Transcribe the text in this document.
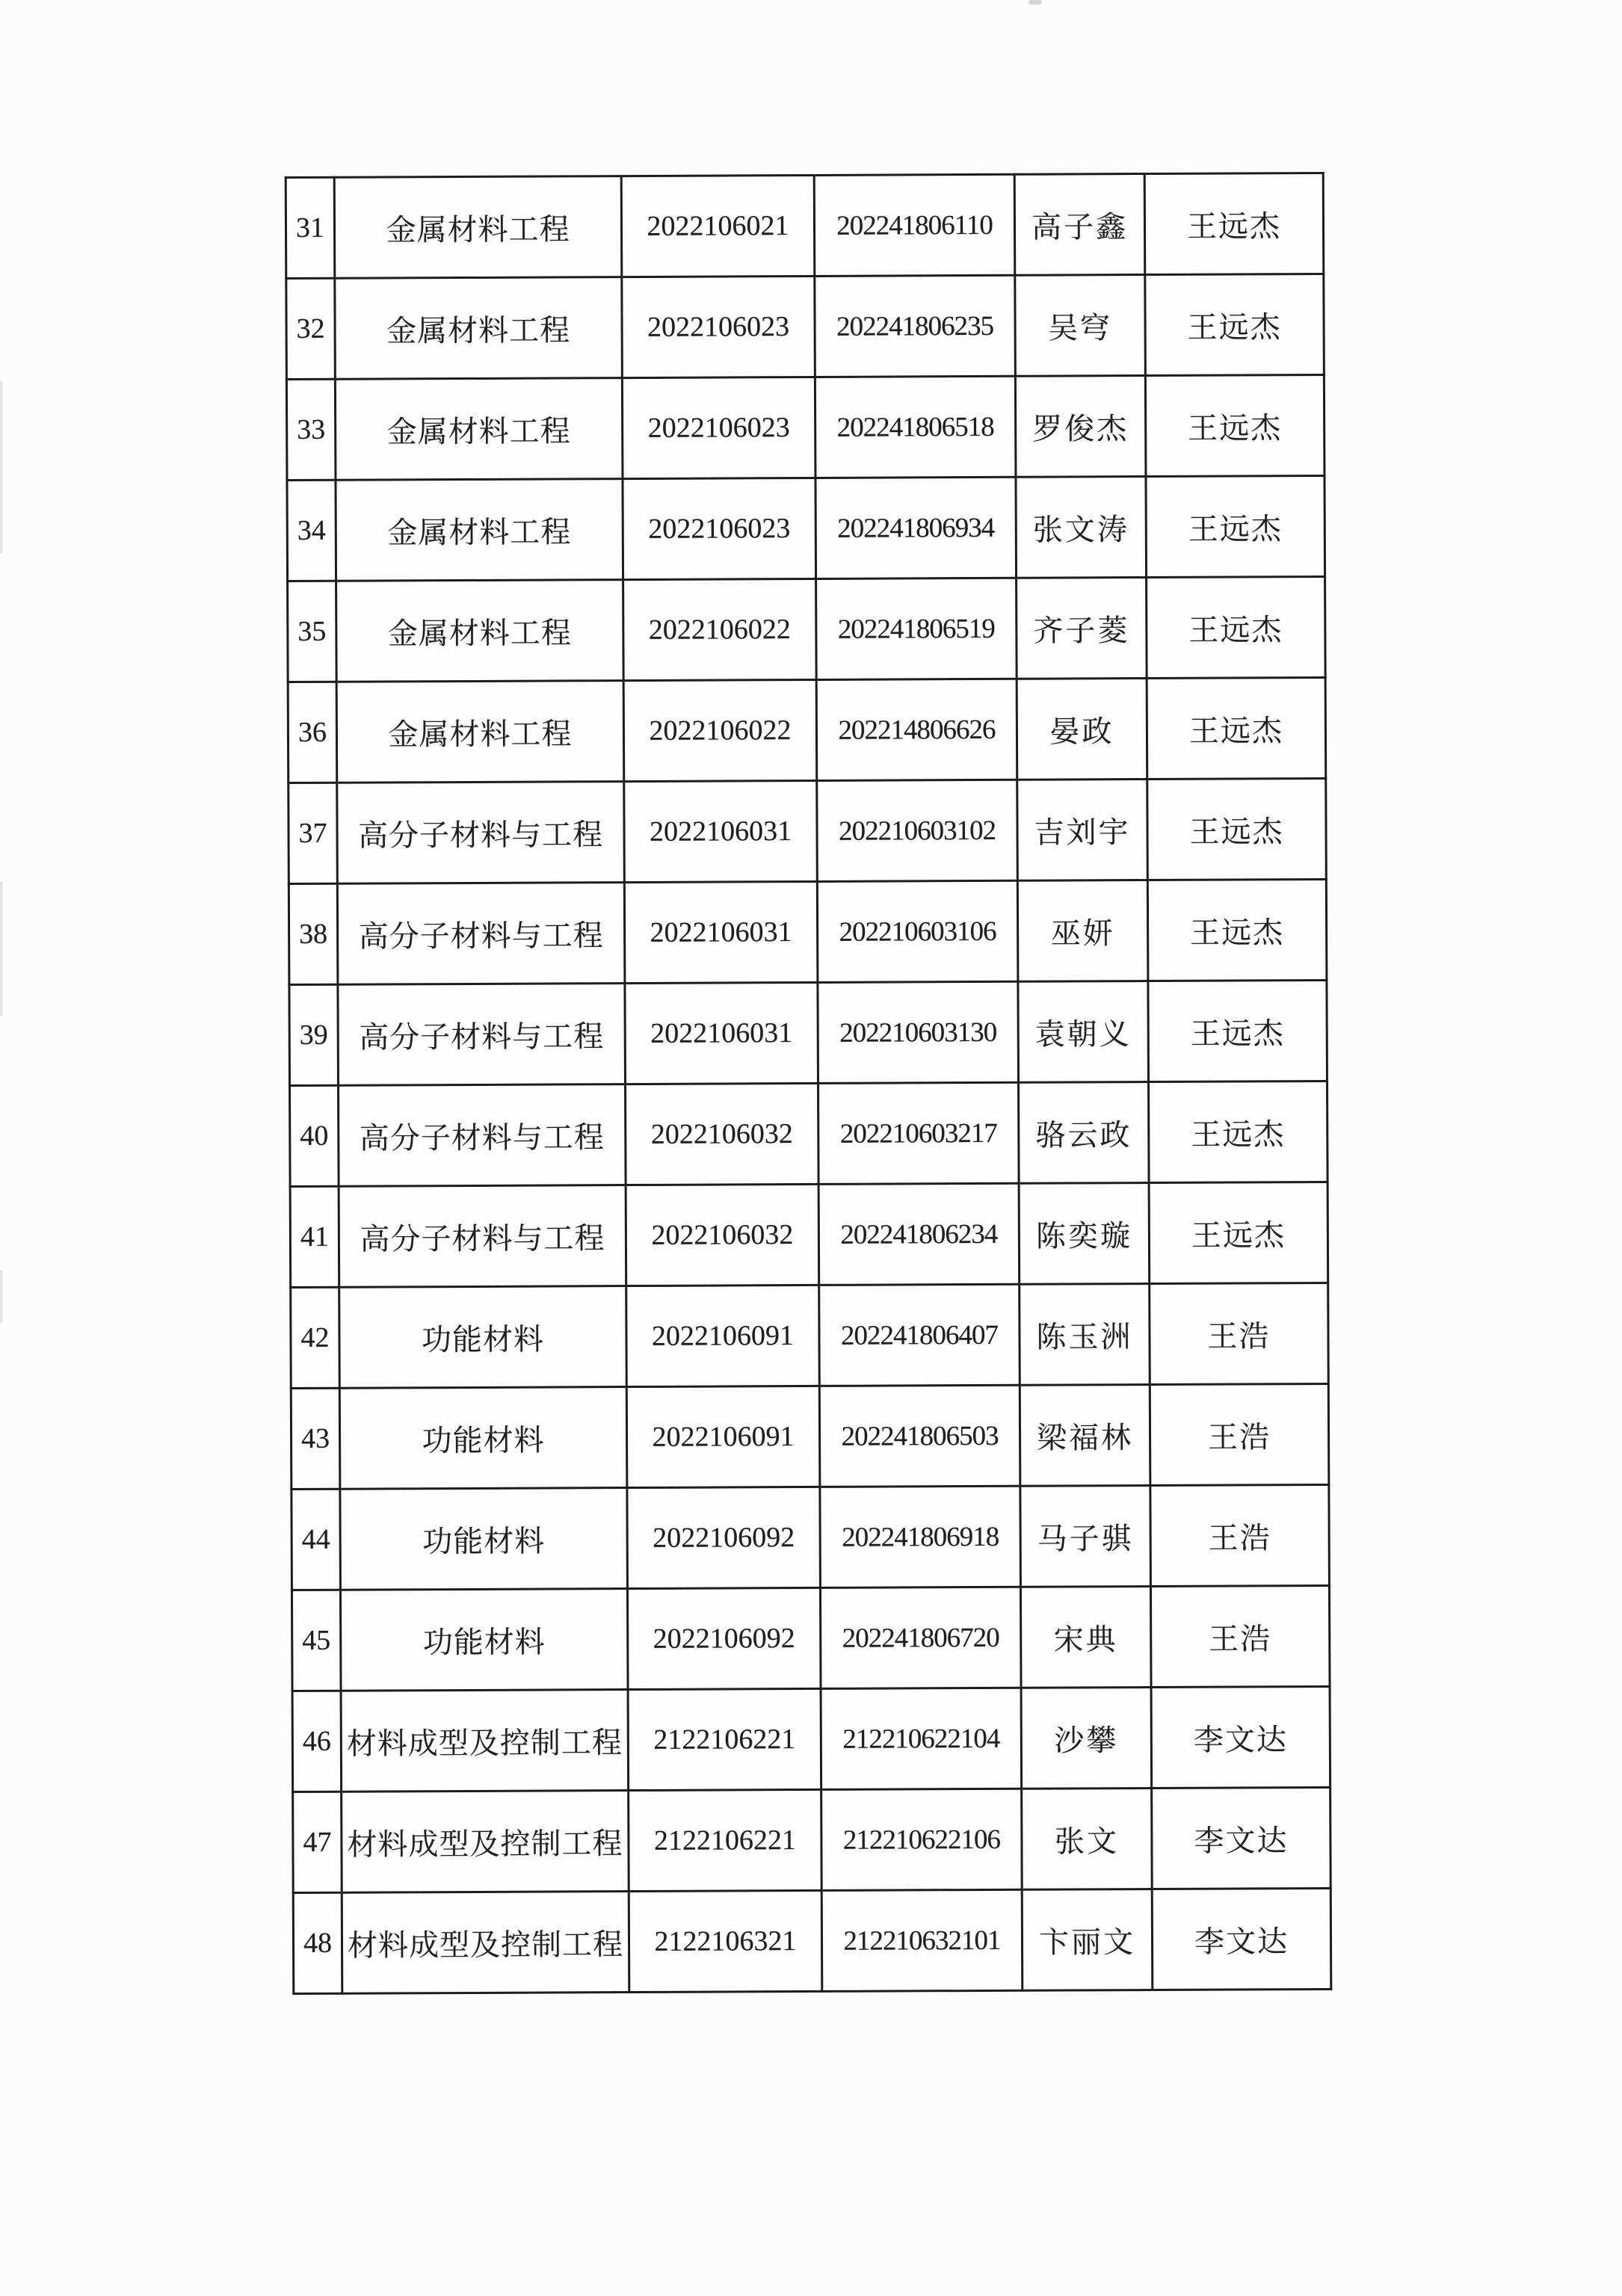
31	金属材料工程	2022106021	202241806110	高子鑫	王远杰
32	金属材料工程	2022106023	202241806235	吴穹	王远杰
33	金属材料工程	2022106023	202241806518	罗俊杰	王远杰
34	金属材料工程	2022106023	202241806934	张文涛	王远杰
35	金属材料工程	2022106022	202241806519	齐子菱	王远杰
36	金属材料工程	2022106022	202214806626	晏政	王远杰
37	高分子材料与工程	2022106031	202210603102	吉刘宇	王远杰
38	高分子材料与工程	2022106031	202210603106	巫妍	王远杰
39	高分子材料与工程	2022106031	202210603130	袁朝义	王远杰
40	高分子材料与工程	2022106032	202210603217	骆云政	王远杰
41	高分子材料与工程	2022106032	202241806234	陈奕璇	王远杰
42	功能材料	2022106091	202241806407	陈玉洲	王浩
43	功能材料	2022106091	202241806503	梁福林	王浩
44	功能材料	2022106092	202241806918	马子骐	王浩
45	功能材料	2022106092	202241806720	宋典	王浩
46	材料成型及控制工程	2122106221	212210622104	沙攀	李文达
47	材料成型及控制工程	2122106221	212210622106	张文	李文达
48	材料成型及控制工程	2122106321	212210632101	卞丽文	李文达
